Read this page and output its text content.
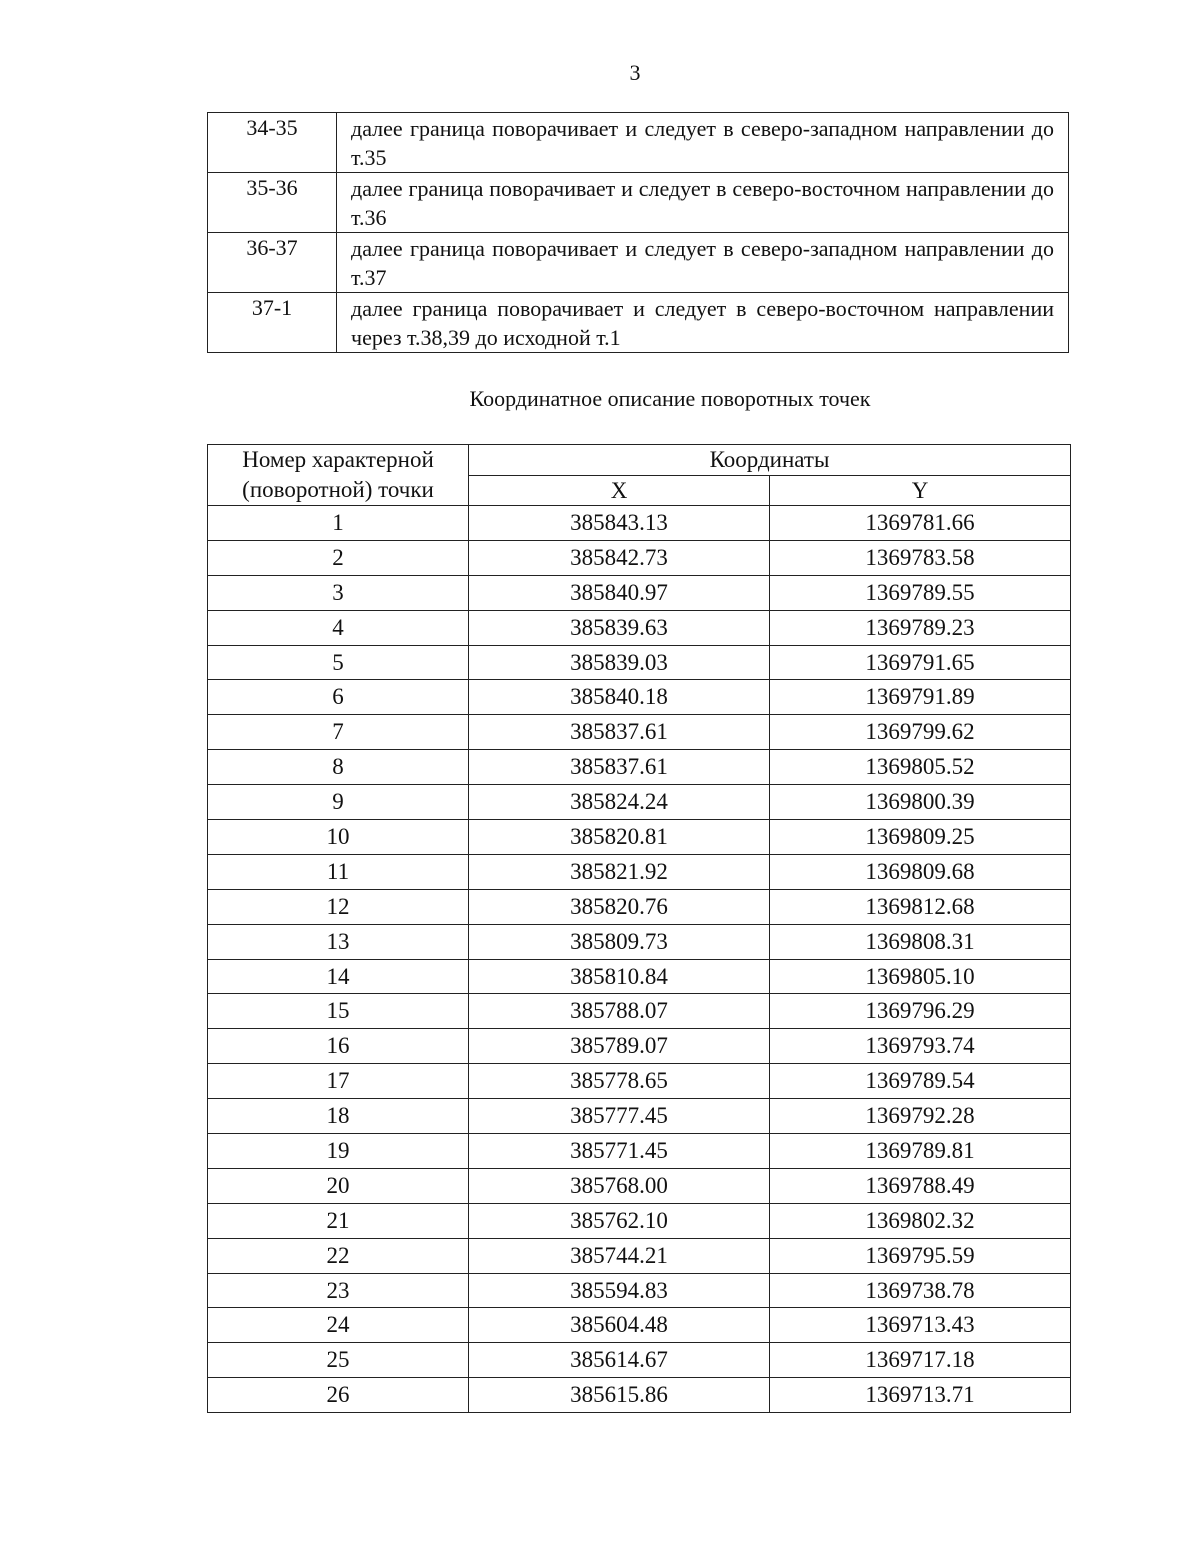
3
34-35	далее граница поворачивает и следует в северо-западном направлении до т.35
35-36	далее граница поворачивает и следует в северо-восточном направлении до т.36
36-37	далее граница поворачивает и следует в северо-западном направлении до т.37
37-1	далее граница поворачивает и следует в северо-восточном направлении через т.38,39 до исходной т.1
Координатное описание поворотных точек
Номер характерной (поворотной) точки	Координаты	
	X	Y
1	385843.13	1369781.66
2	385842.73	1369783.58
3	385840.97	1369789.55
4	385839.63	1369789.23
5	385839.03	1369791.65
6	385840.18	1369791.89
7	385837.61	1369799.62
8	385837.61	1369805.52
9	385824.24	1369800.39
10	385820.81	1369809.25
11	385821.92	1369809.68
12	385820.76	1369812.68
13	385809.73	1369808.31
14	385810.84	1369805.10
15	385788.07	1369796.29
16	385789.07	1369793.74
17	385778.65	1369789.54
18	385777.45	1369792.28
19	385771.45	1369789.81
20	385768.00	1369788.49
21	385762.10	1369802.32
22	385744.21	1369795.59
23	385594.83	1369738.78
24	385604.48	1369713.43
25	385614.67	1369717.18
26	385615.86	1369713.71
